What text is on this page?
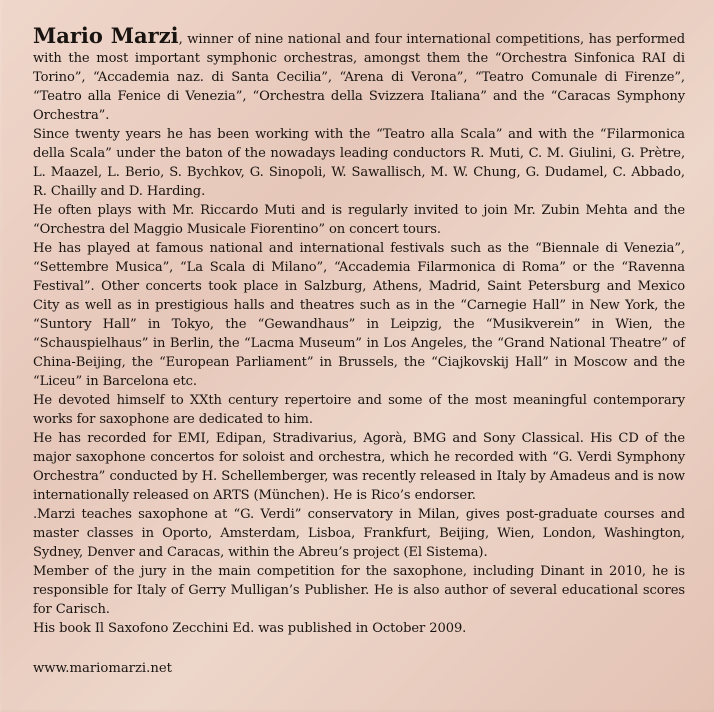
Mario Marzi, winner of nine national and four international competitions, has performed with the most important symphonic orchestras, amongst them the “Orchestra Sinfonica RAI di Torino”, “Accademia naz. di Santa Cecilia”, “Arena di Verona”, “Teatro Comunale di Firenze”, “Teatro alla Fenice di Venezia”, “Orchestra della Svizzera Italiana” and the “Caracas Symphony Orchestra”.

Since twenty years he has been working with the “Teatro alla Scala” and with the “Filarmonica della Scala” under the baton of the nowadays leading conductors R. Muti, C. M. Giulini, G. Prètre, L. Maazel, L. Berio, S. Bychkov, G. Sinopoli, W. Sawallisch, M. W. Chung, G. Dudamel, C. Abbado, R. Chailly and D. Harding.

He often plays with Mr. Riccardo Muti and is regularly invited to join Mr. Zubin Mehta and the “Orchestra del Maggio Musicale Fiorentino” on concert tours.

He has played at famous national and international festivals such as the “Biennale di Venezia”, “Settembre Musica”, “La Scala di Milano”, “Accademia Filarmonica di Roma” or the “Ravenna Festival”. Other concerts took place in Salzburg, Athens, Madrid, Saint Petersburg and Mexico City as well as in prestigious halls and theatres such as in the “Carnegie Hall” in New York, the “Suntory Hall” in Tokyo, the “Gewandhaus” in Leipzig, the “Musikverein” in Wien, the “Schauspielhaus” in Berlin, the “Lacma Museum” in Los Angeles, the “Grand National Theatre” of China-Beijing, the “European Parliament” in Brussels, the “Ciajkovskij Hall” in Moscow and the “Liceu” in Barcelona etc.

He devoted himself to XXth century repertoire and some of the most meaningful contemporary works for saxophone are dedicated to him.

He has recorded for EMI, Edipan, Stradivarius, Agorà, BMG and Sony Classical. His CD of the major saxophone concertos for soloist and orchestra, which he recorded with “G. Verdi Symphony Orchestra” conducted by H. Schellemberger, was recently released in Italy by Amadeus and is now internationally released on ARTS (München). He is Rico’s endorser.

.Marzi teaches saxophone at “G. Verdi” conservatory in Milan, gives post-graduate courses and master classes in Oporto, Amsterdam, Lisboa, Frankfurt, Beijing, Wien, London, Washington, Sydney, Denver and Caracas, within the Abreu’s project (El Sistema).

Member of the jury in the main competition for the saxophone, including Dinant in 2010, he is responsible for Italy of Gerry Mulligan’s Publisher. He is also author of several educational scores for Carisch.

His book Il Saxofono Zecchini Ed. was published in October 2009.

www.mariomarzi.net
